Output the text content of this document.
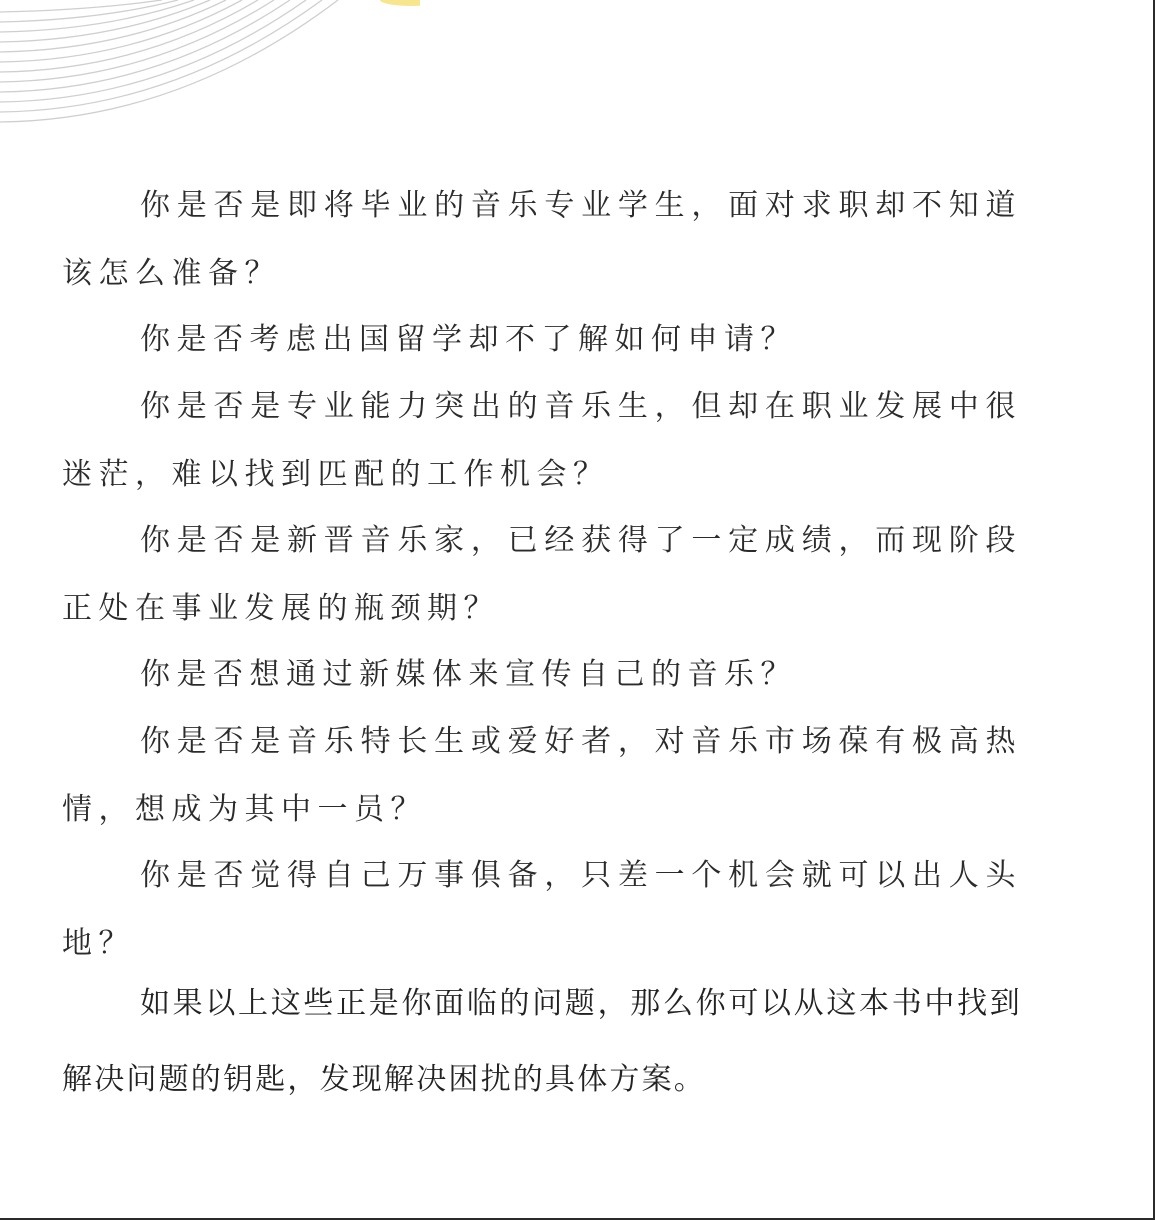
你是否是即将毕业的音乐专业学生，面对求职却不知道该怎么准备？

你是否考虑出国留学却不了解如何申请？

你是否是专业能力突出的音乐生，但却在职业发展中很迷茫，难以找到匹配的工作机会？

你是否是新晋音乐家，已经获得了一定成绩，而现阶段正处在事业发展的瓶颈期？

你是否想通过新媒体来宣传自己的音乐？

你是否是音乐特长生或爱好者，对音乐市场葆有极高热情，想成为其中一员？

你是否觉得自己万事俱备，只差一个机会就可以出人头地？

如果以上这些正是你面临的问题，那么你可以从这本书中找到解决问题的钥匙，发现解决困扰的具体方案。
